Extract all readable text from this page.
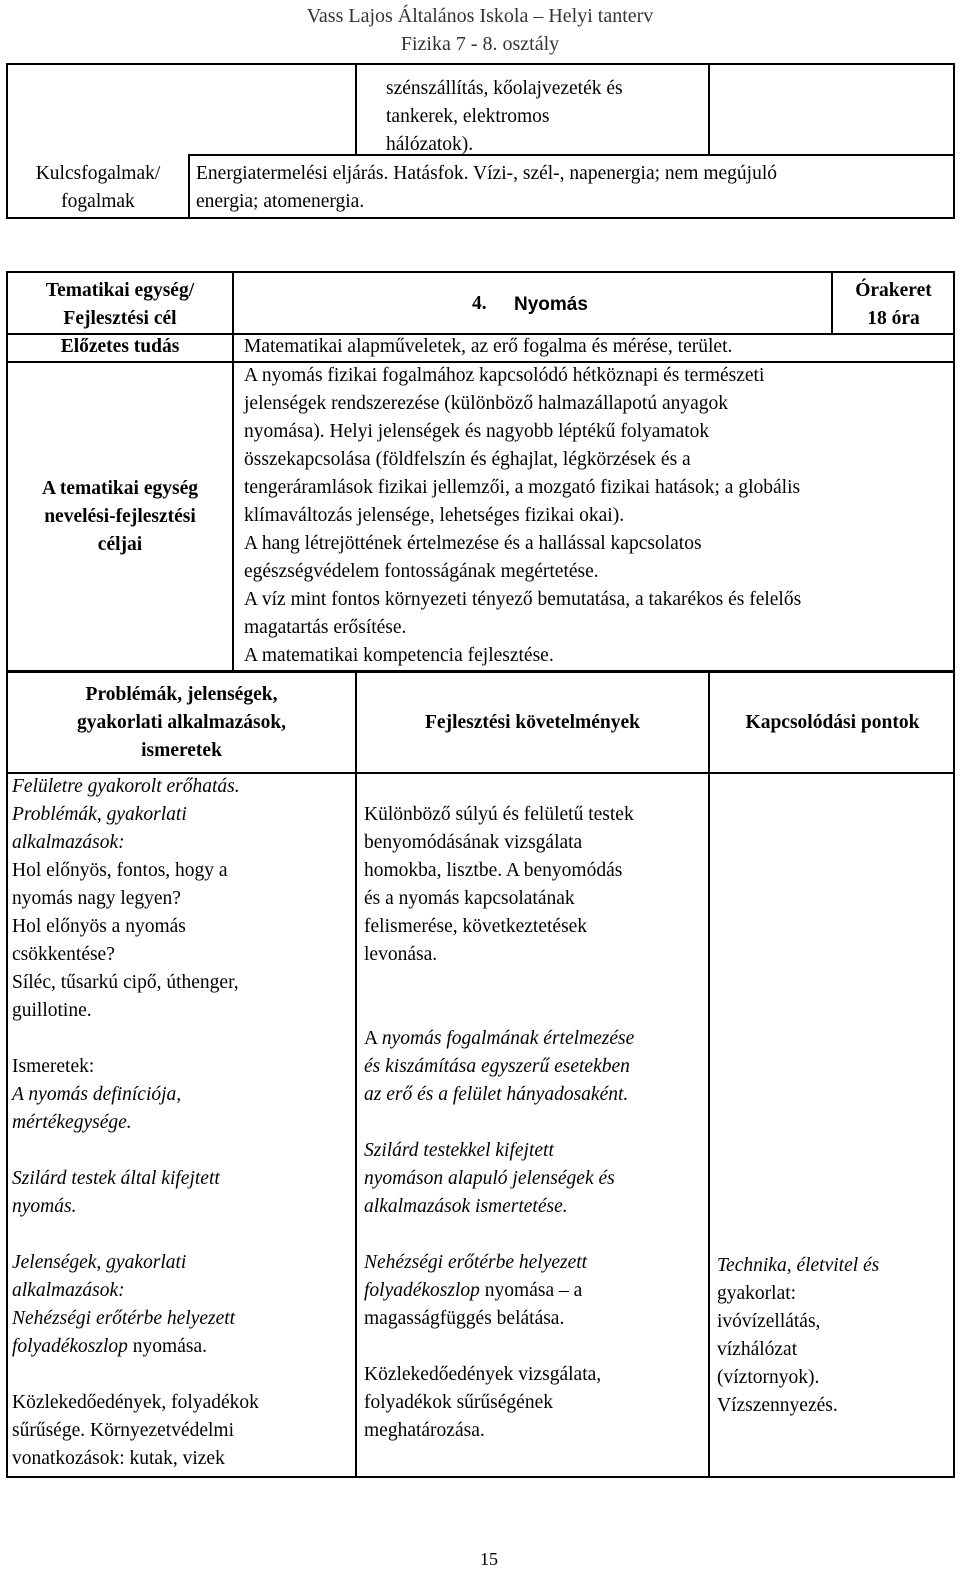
Vass Lajos Általános Iskola – Helyi tanterv
Fizika 7 - 8. osztály
szénszállítás, kőolajvezeték és
tankerek, elektromos
hálózatok).
Kulcsfogalmak/
fogalmak
Energiatermelési eljárás. Hatásfok. Vízi-, szél-, napenergia; nem megújuló
energia; atomenergia.
Tematikai egység/
Fejlesztési cél
4. Nyomás
Órakeret
18 óra
Előzetes tudás	Matematikai alapműveletek, az erő fogalma és mérése, terület.
A tematikai egység
nevelési-fejlesztési
céljai
A nyomás fizikai fogalmához kapcsolódó hétköznapi és természeti
jelenségek rendszerezése (különböző halmazállapotú anyagok
nyomása). Helyi jelenségek és nagyobb léptékű folyamatok
összekapcsolása (földfelszín és éghajlat, légkörzések és a
tengeráramlások fizikai jellemzői, a mozgató fizikai hatások; a globális
klímaváltozás jelensége, lehetséges fizikai okai).
A hang létrejöttének értelmezése és a hallással kapcsolatos
egészségvédelem fontosságának megértetése.
A víz mint fontos környezeti tényező bemutatása, a takarékos és felelős
magatartás erősítése.
A matematikai kompetencia fejlesztése.
Problémák, jelenségek,
gyakorlati alkalmazások,
ismeretek
Fejlesztési követelmények	Kapcsolódási pontok
Felületre gyakorolt erőhatás.
Problémák, gyakorlati
alkalmazások:
Hol előnyös, fontos, hogy a
nyomás nagy legyen?
Hol előnyös a nyomás
csökkentése?
Síléc, tűsarkú cipő, úthenger,
guillotine.
Ismeretek:
A nyomás definíciója,
mértékegysége.
Szilárd testek által kifejtett
nyomás.
Jelenségek, gyakorlati
alkalmazások:
Nehézségi erőtérbe helyezett
folyadékoszlop nyomása.
Közlekedőedények, folyadékok
sűrűsége. Környezetvédelmi
vonatkozások: kutak, vizek
Különböző súlyú és felületű testek
benyomódásának vizsgálata
homokba, lisztbe. A benyomódás
és a nyomás kapcsolatának
felismerése, következtetések
levonása.
A nyomás fogalmának értelmezése
és kiszámítása egyszerű esetekben
az erő és a felület hányadosaként.
Szilárd testekkel kifejtett
nyomáson alapuló jelenségek és
alkalmazások ismertetése.
Nehézségi erőtérbe helyezett
folyadékoszlop nyomása – a
magasságfüggés belátása.
Közlekedőedények vizsgálata,
folyadékok sűrűségének
meghatározása.
Technika, életvitel és
gyakorlat:
ivóvízellátás,
vízhálózat
(víztornyok).
Vízszennyezés.
15
